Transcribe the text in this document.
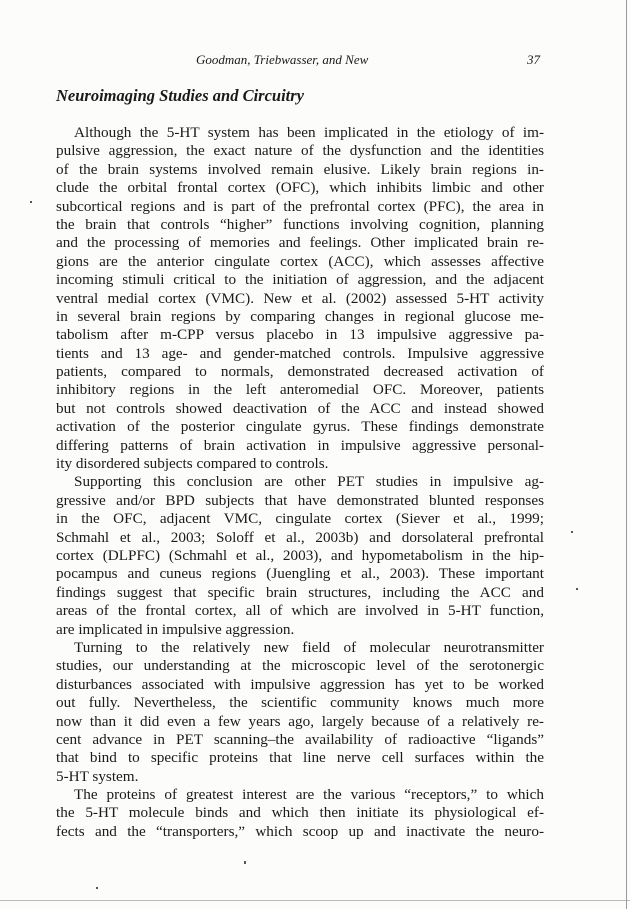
Goodman, Triebwasser, and New	37
Neuroimaging Studies and Circuitry
Although the 5-HT system has been implicated in the etiology of im-
pulsive aggression, the exact nature of the dysfunction and the identities
of the brain systems involved remain elusive. Likely brain regions in-
clude the orbital frontal cortex (OFC), which inhibits limbic and other
subcortical regions and is part of the prefrontal cortex (PFC), the area in
the brain that controls “higher” functions involving cognition, planning
and the processing of memories and feelings. Other implicated brain re-
gions are the anterior cingulate cortex (ACC), which assesses affective
incoming stimuli critical to the initiation of aggression, and the adjacent
ventral medial cortex (VMC). New et al. (2002) assessed 5-HT activity
in several brain regions by comparing changes in regional glucose me-
tabolism after m-CPP versus placebo in 13 impulsive aggressive pa-
tients and 13 age- and gender-matched controls. Impulsive aggressive
patients, compared to normals, demonstrated decreased activation of
inhibitory regions in the left anteromedial OFC. Moreover, patients
but not controls showed deactivation of the ACC and instead showed
activation of the posterior cingulate gyrus. These findings demonstrate
differing patterns of brain activation in impulsive aggressive personal-
ity disordered subjects compared to controls.
Supporting this conclusion are other PET studies in impulsive ag-
gressive and/or BPD subjects that have demonstrated blunted responses
in the OFC, adjacent VMC, cingulate cortex (Siever et al., 1999;
Schmahl et al., 2003; Soloff et al., 2003b) and dorsolateral prefrontal
cortex (DLPFC) (Schmahl et al., 2003), and hypometabolism in the hip-
pocampus and cuneus regions (Juengling et al., 2003). These important
findings suggest that specific brain structures, including the ACC and
areas of the frontal cortex, all of which are involved in 5-HT function,
are implicated in impulsive aggression.
Turning to the relatively new field of molecular neurotransmitter
studies, our understanding at the microscopic level of the serotonergic
disturbances associated with impulsive aggression has yet to be worked
out fully. Nevertheless, the scientific community knows much more
now than it did even a few years ago, largely because of a relatively re-
cent advance in PET scanning–the availability of radioactive “ligands”
that bind to specific proteins that line nerve cell surfaces within the
5-HT system.
The proteins of greatest interest are the various “receptors,” to which
the 5-HT molecule binds and which then initiate its physiological ef-
fects and the “transporters,” which scoop up and inactivate the neuro-
